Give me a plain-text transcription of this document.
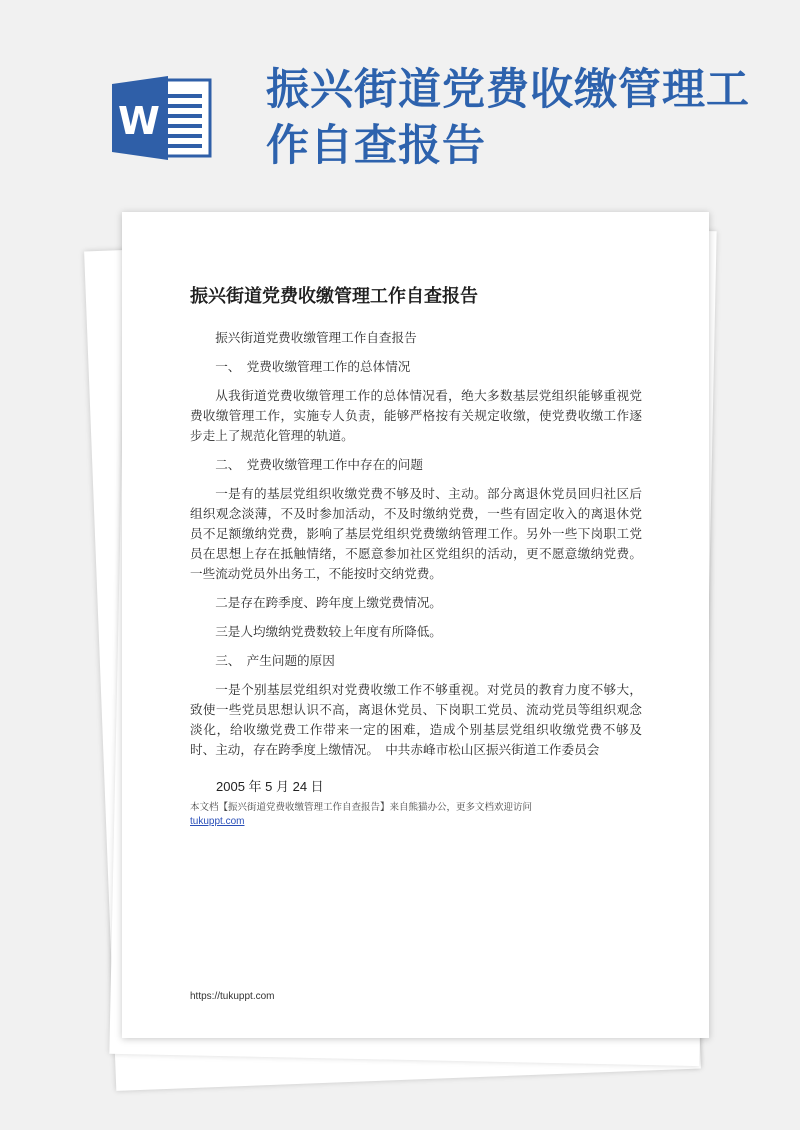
W
振兴街道党费收缴管理工作自查报告
振兴街道党费收缴管理工作自查报告

振兴街道党费收缴管理工作自查报告

一、　党费收缴管理工作的总体情况

从我街道党费收缴管理工作的总体情况看，绝大多数基层党组织能够重视党费收缴管理工作，实施专人负责，能够严格按有关规定收缴，使党费收缴工作逐步走上了规范化管理的轨道。

二、　党费收缴管理工作中存在的问题

一是有的基层党组织收缴党费不够及时、主动。部分离退休党员回归社区后组织观念淡薄，不及时参加活动，不及时缴纳党费，一些有固定收入的离退休党员不足额缴纳党费，影响了基层党组织党费缴纳管理工作。另外一些下岗职工党员在思想上存在抵触情绪，不愿意参加社区党组织的活动，更不愿意缴纳党费。一些流动党员外出务工，不能按时交纳党费。

二是存在跨季度、跨年度上缴党费情况。

三是人均缴纳党费数较上年度有所降低。

三、　产生问题的原因

一是个别基层党组织对党费收缴工作不够重视。对党员的教育力度不够大，致使一些党员思想认识不高，离退休党员、下岗职工党员、流动党员等组织观念淡化，给收缴党费工作带来一定的困难，造成个别基层党组织收缴党费不够及时、主动，存在跨季度上缴情况。　中共赤峰市松山区振兴街道工作委员会

2005 年 5 月 24 日
本文档【振兴街道党费收缴管理工作自查报告】来自熊猫办公，更多文档欢迎访问
tukuppt.com
https://tukuppt.com
